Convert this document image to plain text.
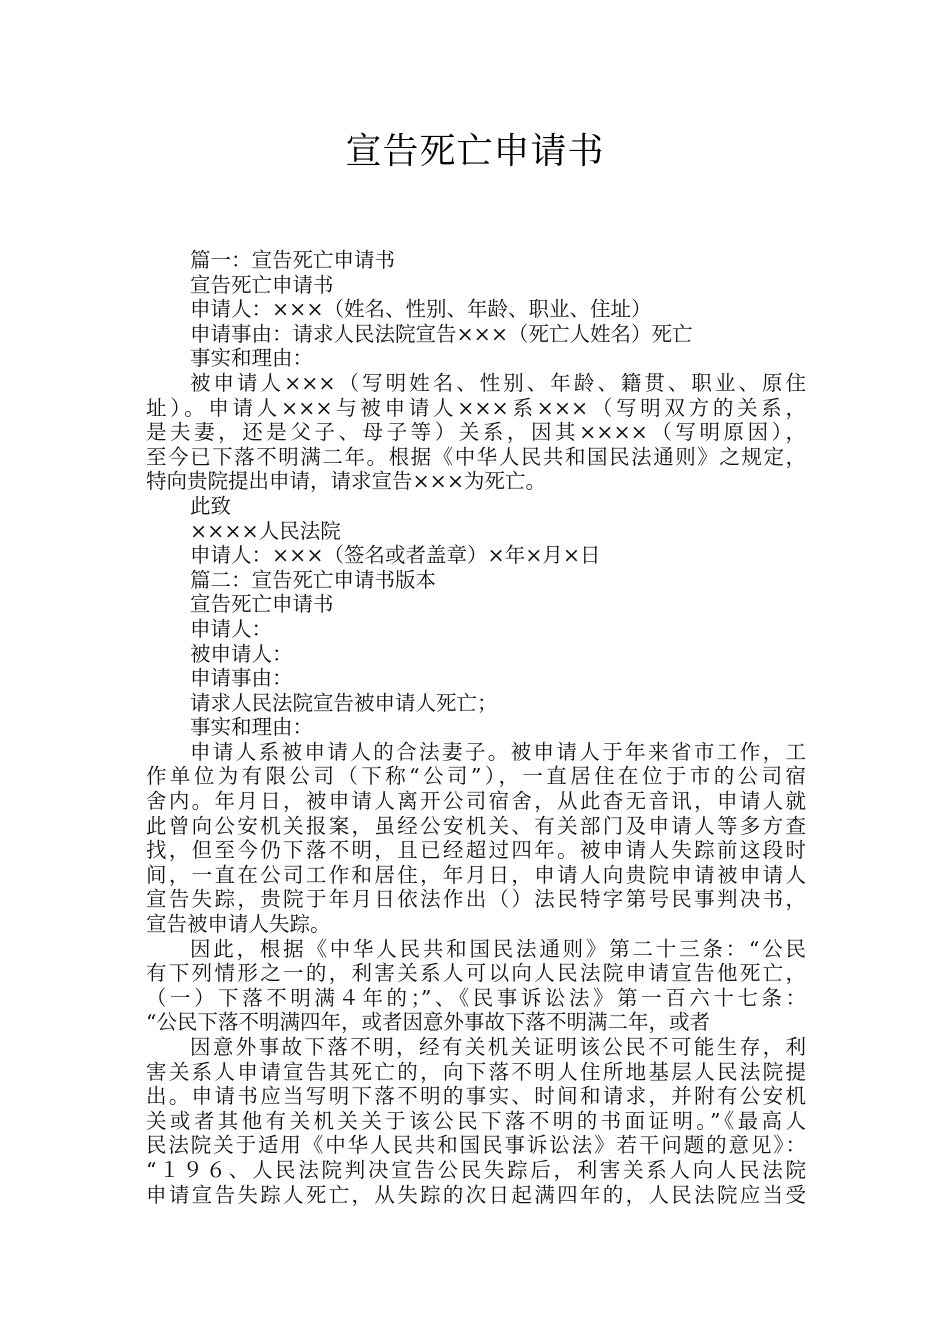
宣告死亡申请书
篇一：宣告死亡申请书
宣告死亡申请书
申请人：×××（姓名、性别、年龄、职业、住址）
申请事由：请求人民法院宣告×××（死亡人姓名）死亡
事实和理由：
被申请人×××（写明姓名、性别、年龄、籍贯、职业、原住
址）。申请人×××与被申请人×××系×××（写明双方的关系，
是夫妻，还是父子、母子等）关系，因其××××（写明原因），
至今已下落不明满二年。根据《中华人民共和国民法通则》之规定，
特向贵院提出申请，请求宣告×××为死亡。
此致
××××人民法院
申请人：×××（签名或者盖章）×年×月×日
篇二：宣告死亡申请书版本
宣告死亡申请书
申请人：
被申请人：
申请事由：
请求人民法院宣告被申请人死亡；
事实和理由：
申请人系被申请人的合法妻子。被申请人于年来省市工作，工
作单位为有限公司（下称“公司”），一直居住在位于市的公司宿
舍内。年月日，被申请人离开公司宿舍，从此杳无音讯，申请人就
此曾向公安机关报案，虽经公安机关、有关部门及申请人等多方查
找，但至今仍下落不明，且已经超过四年。被申请人失踪前这段时
间，一直在公司工作和居住，年月日，申请人向贵院申请被申请人
宣告失踪，贵院于年月日依法作出（）法民特字第号民事判决书，
宣告被申请人失踪。
因此，根据《中华人民共和国民法通则》第二十三条：“公民
有下列情形之一的，利害关系人可以向人民法院申请宣告他死亡，
（一）下落不明满４年的；”、《民事诉讼法》第一百六十七条：
“公民下落不明满四年，或者因意外事故下落不明满二年，或者
因意外事故下落不明，经有关机关证明该公民不可能生存，利
害关系人申请宣告其死亡的，向下落不明人住所地基层人民法院提
出。申请书应当写明下落不明的事实、时间和请求，并附有公安机
关或者其他有关机关关于该公民下落不明的书面证明。”《最高人
民法院关于适用《中华人民共和国民事诉讼法》若干问题的意见》：
“１９６、人民法院判决宣告公民失踪后，利害关系人向人民法院
申请宣告失踪人死亡，从失踪的次日起满四年的，人民法院应当受
